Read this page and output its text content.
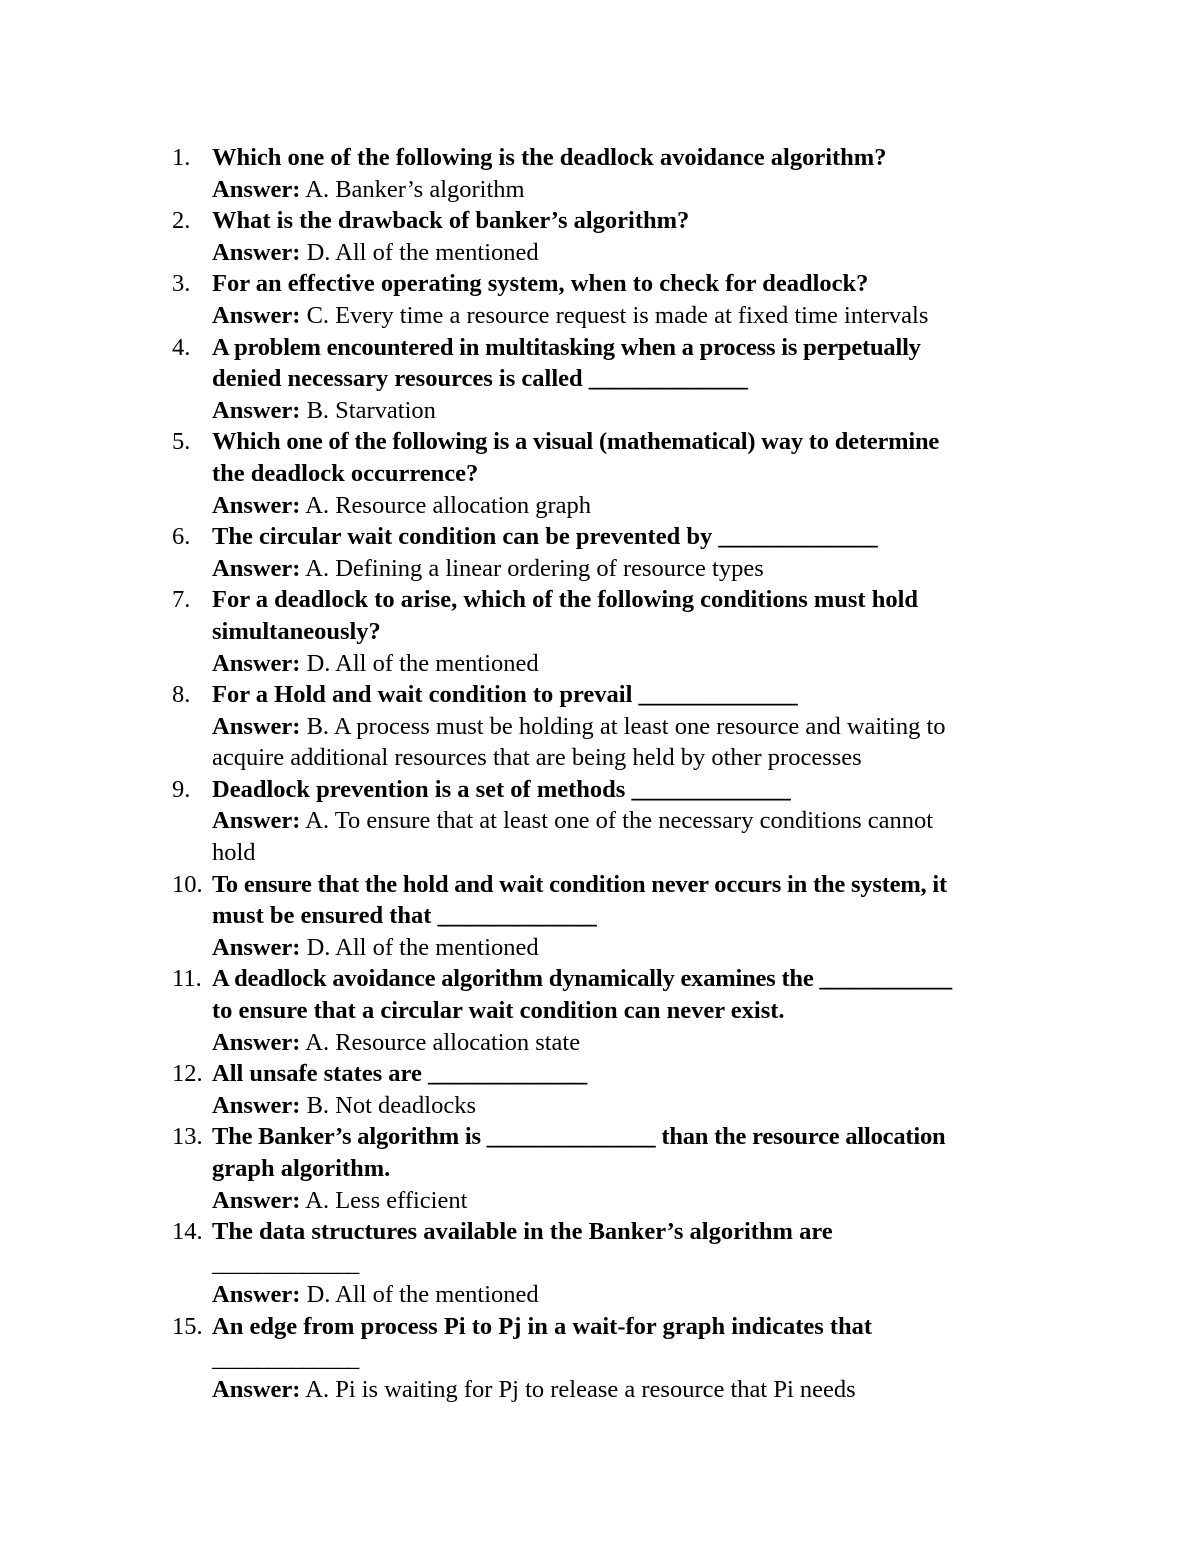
1. Which one of the following is the deadlock avoidance algorithm?
Answer: A. Banker’s algorithm
2. What is the drawback of banker’s algorithm?
Answer: D. All of the mentioned
3. For an effective operating system, when to check for deadlock?
Answer: C. Every time a resource request is made at fixed time intervals
4. A problem encountered in multitasking when a process is perpetually
denied necessary resources is called _____________
Answer: B. Starvation
5. Which one of the following is a visual (mathematical) way to determine
the deadlock occurrence?
Answer: A. Resource allocation graph
6. The circular wait condition can be prevented by _____________
Answer: A. Defining a linear ordering of resource types
7. For a deadlock to arise, which of the following conditions must hold
simultaneously?
Answer: D. All of the mentioned
8. For a Hold and wait condition to prevail _____________
Answer: B. A process must be holding at least one resource and waiting to
acquire additional resources that are being held by other processes
9. Deadlock prevention is a set of methods _____________
Answer: A. To ensure that at least one of the necessary conditions cannot
hold
10. To ensure that the hold and wait condition never occurs in the system, it
must be ensured that _____________
Answer: D. All of the mentioned
11. A deadlock avoidance algorithm dynamically examines the ___________
to ensure that a circular wait condition can never exist.
Answer: A. Resource allocation state
12. All unsafe states are _____________
Answer: B. Not deadlocks
13. The Banker’s algorithm is ______________ than the resource allocation
graph algorithm.
Answer: A. Less efficient
14. The data structures available in the Banker’s algorithm are
_____________
Answer: D. All of the mentioned
15. An edge from process Pi to Pj in a wait-for graph indicates that
_____________
Answer: A. Pi is waiting for Pj to release a resource that Pi needs
